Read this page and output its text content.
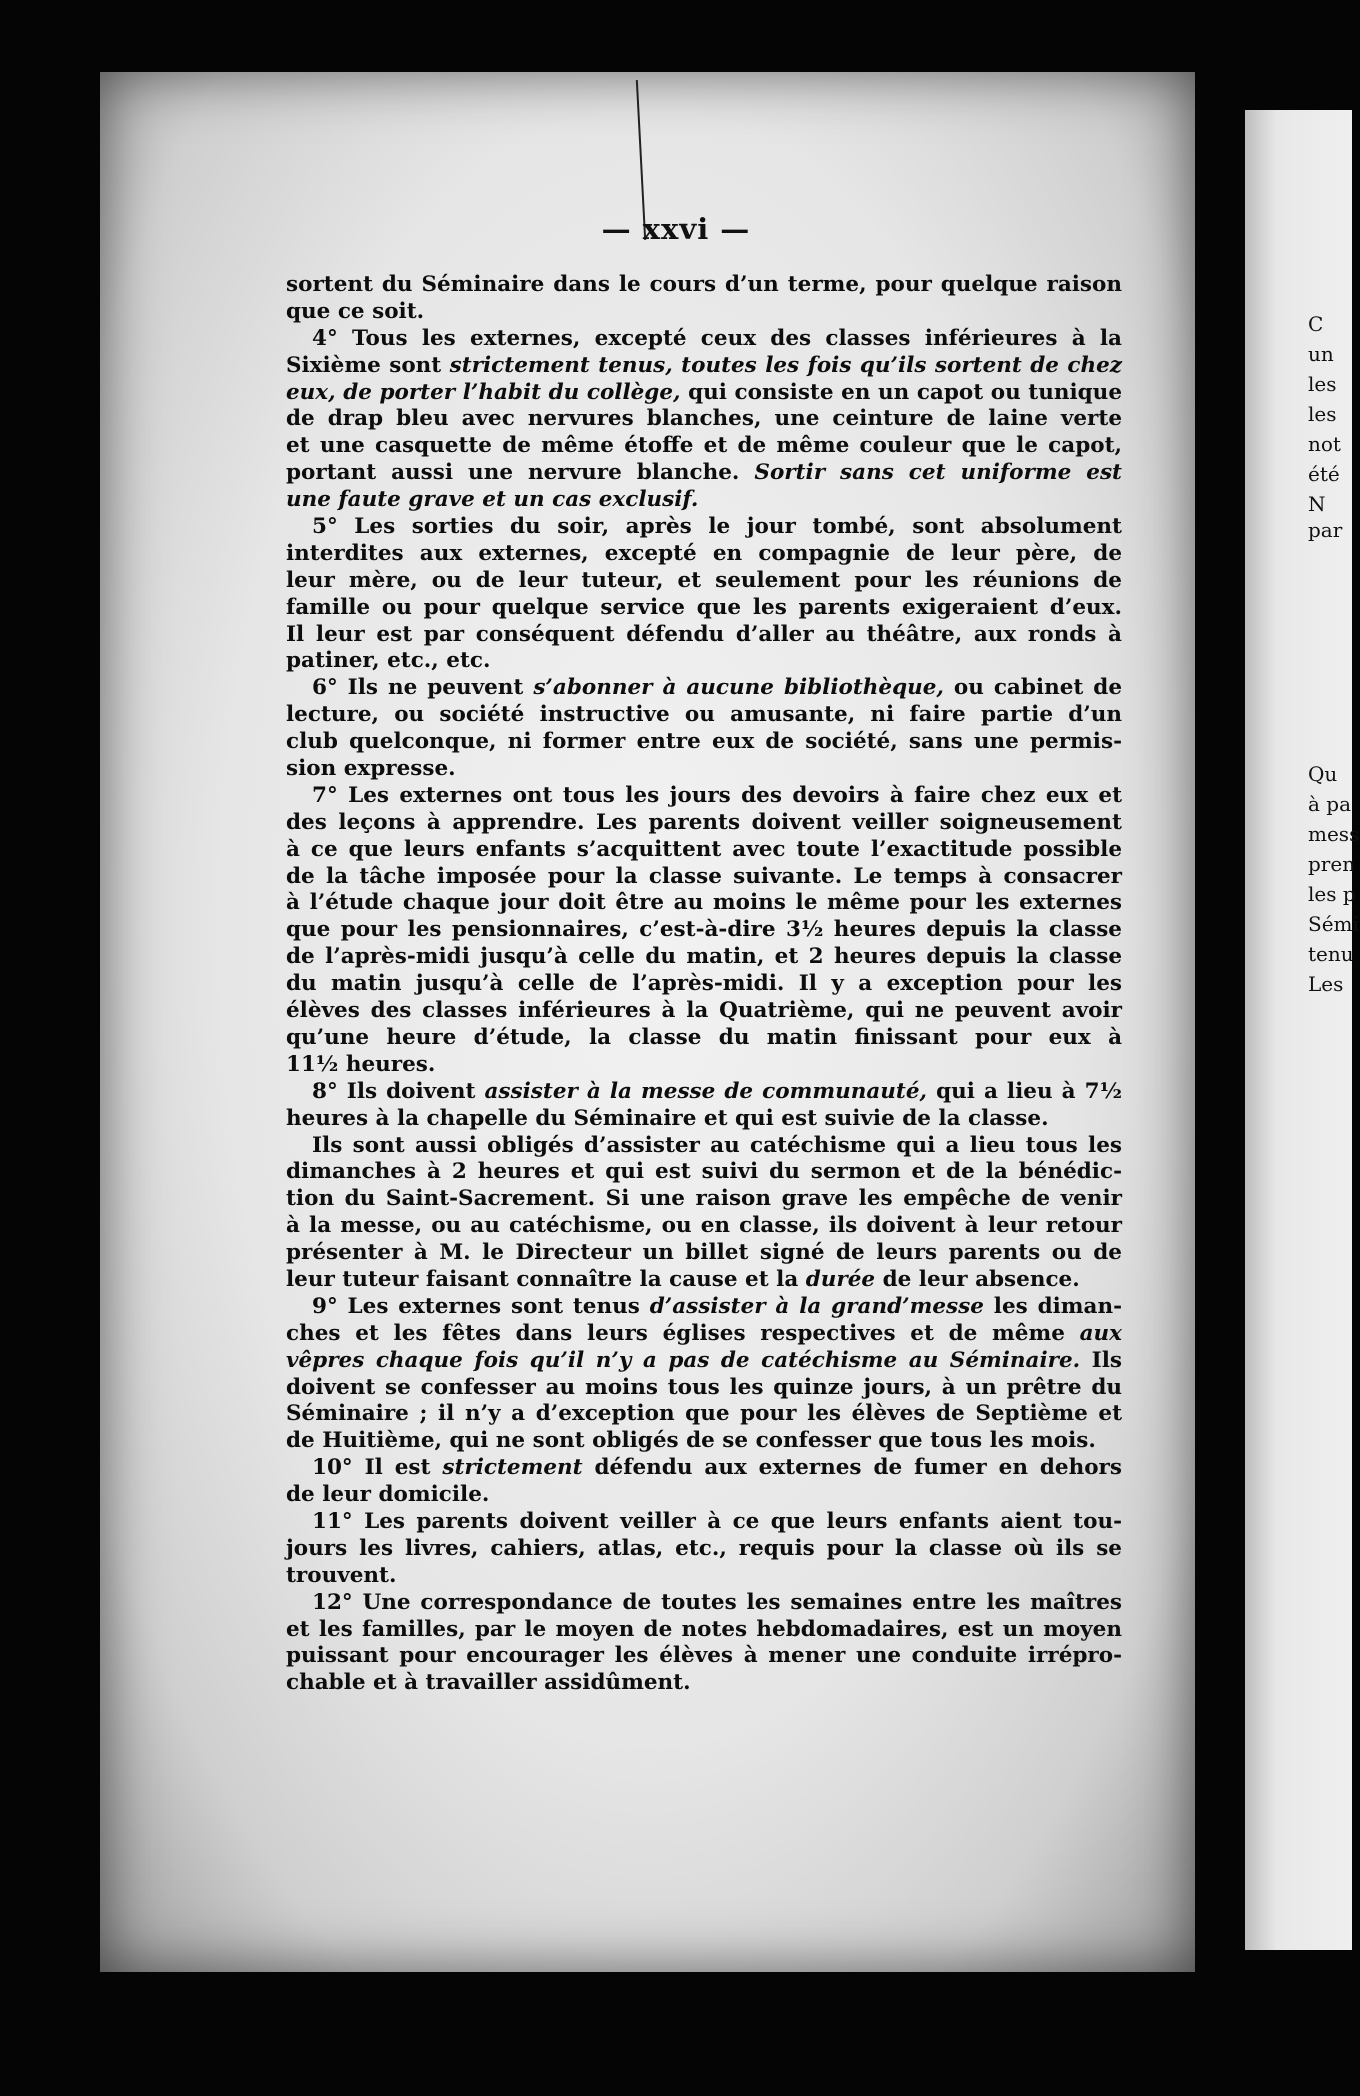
— xxvi —
sortent du Séminaire dans le cours d’un terme, pour quelque raison
que ce soit.
4° Tous les externes, excepté ceux des classes inférieures à la
Sixième sont strictement tenus, toutes les fois qu’ils sortent de chez
eux, de porter l’habit du collège, qui consiste en un capot ou tunique
de drap bleu avec nervures blanches, une ceinture de laine verte
et une casquette de même étoffe et de même couleur que le capot,
portant aussi une nervure blanche. Sortir sans cet uniforme est
une faute grave et un cas exclusif.
5° Les sorties du soir, après le jour tombé, sont absolument
interdites aux externes, excepté en compagnie de leur père, de
leur mère, ou de leur tuteur, et seulement pour les réunions de
famille ou pour quelque service que les parents exigeraient d’eux.
Il leur est par conséquent défendu d’aller au théâtre, aux ronds à
patiner, etc., etc.
6° Ils ne peuvent s’abonner à aucune bibliothèque, ou cabinet de
lecture, ou société instructive ou amusante, ni faire partie d’un
club quelconque, ni former entre eux de société, sans une permis-
sion expresse.
7° Les externes ont tous les jours des devoirs à faire chez eux et
des leçons à apprendre. Les parents doivent veiller soigneusement
à ce que leurs enfants s’acquittent avec toute l’exactitude possible
de la tâche imposée pour la classe suivante. Le temps à consacrer
à l’étude chaque jour doit être au moins le même pour les externes
que pour les pensionnaires, c’est-à-dire 3½ heures depuis la classe
de l’après-midi jusqu’à celle du matin, et 2 heures depuis la classe
du matin jusqu’à celle de l’après-midi. Il y a exception pour les
élèves des classes inférieures à la Quatrième, qui ne peuvent avoir
qu’une heure d’étude, la classe du matin finissant pour eux à
11½ heures.
8° Ils doivent assister à la messe de communauté, qui a lieu à 7½
heures à la chapelle du Séminaire et qui est suivie de la classe.
Ils sont aussi obligés d’assister au catéchisme qui a lieu tous les
dimanches à 2 heures et qui est suivi du sermon et de la bénédic-
tion du Saint-Sacrement. Si une raison grave les empêche de venir
à la messe, ou au catéchisme, ou en classe, ils doivent à leur retour
présenter à M. le Directeur un billet signé de leurs parents ou de
leur tuteur faisant connaître la cause et la durée de leur absence.
9° Les externes sont tenus d’assister à la grand’messe les diman-
ches et les fêtes dans leurs églises respectives et de même aux
vêpres chaque fois qu’il n’y a pas de catéchisme au Séminaire. Ils
doivent se confesser au moins tous les quinze jours, à un prêtre du
Séminaire ; il n’y a d’exception que pour les élèves de Septième et
de Huitième, qui ne sont obligés de se confesser que tous les mois.
10° Il est strictement défendu aux externes de fumer en dehors
de leur domicile.
11° Les parents doivent veiller à ce que leurs enfants aient tou-
jours les livres, cahiers, atlas, etc., requis pour la classe où ils se
trouvent.
12° Une correspondance de toutes les semaines entre les maîtres
et les familles, par le moyen de notes hebdomadaires, est un moyen
puissant pour encourager les élèves à mener une conduite irrépro-
chable et à travailler assidûment.
C
un
les
les
not
été
N
par
Qu
à pa
mess
pren
les p
Sémi
tenu
Les
